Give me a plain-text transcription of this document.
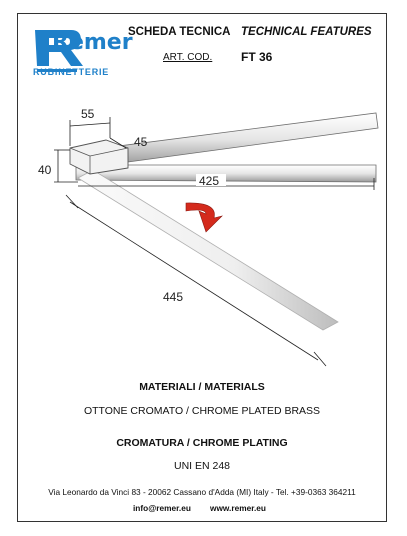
Remer
RUBINETTERIE
SCHEDA TECNICA TECHNICAL FEATURES
ART. COD. FT 36
55
45
40
425
445
MATERIALI / MATERIALS
OTTONE CROMATO / CHROME PLATED BRASS
CROMATURA / CHROME PLATING
UNI EN 248
Via Leonardo da Vinci 83 - 20062 Cassano d'Adda (MI) Italy - Tel. +39-0363 364211
info@remer.eu www.remer.eu
